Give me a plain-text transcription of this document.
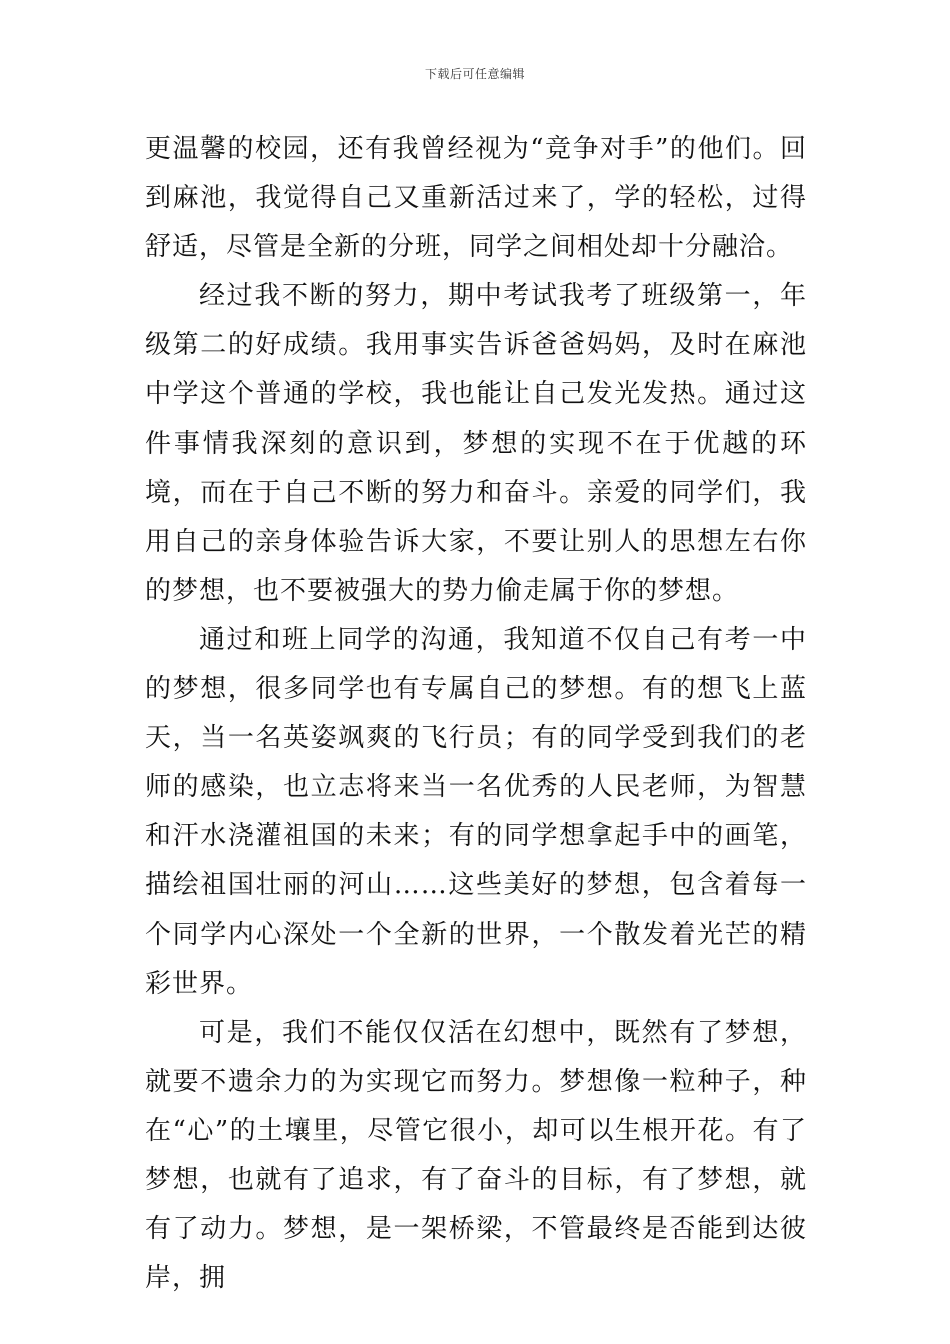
下载后可任意编辑

更温馨的校园，还有我曾经视为“竞争对手”的他们。回到麻池，我觉得自己又重新活过来了，学的轻松，过得舒适，尽管是全新的分班，同学之间相处却十分融洽。

经过我不断的努力，期中考试我考了班级第一，年级第二的好成绩。我用事实告诉爸爸妈妈，及时在麻池中学这个普通的学校，我也能让自己发光发热。通过这件事情我深刻的意识到，梦想的实现不在于优越的环境，而在于自己不断的努力和奋斗。亲爱的同学们，我用自己的亲身体验告诉大家，不要让别人的思想左右你的梦想，也不要被强大的势力偷走属于你的梦想。

通过和班上同学的沟通，我知道不仅自己有考一中的梦想，很多同学也有专属自己的梦想。有的想飞上蓝天，当一名英姿飒爽的飞行员；有的同学受到我们的老师的感染，也立志将来当一名优秀的人民老师，为智慧和汗水浇灌祖国的未来；有的同学想拿起手中的画笔，描绘祖国壮丽的河山……这些美好的梦想，包含着每一个同学内心深处一个全新的世界，一个散发着光芒的精彩世界。

可是，我们不能仅仅活在幻想中，既然有了梦想，就要不遗余力的为实现它而努力。梦想像一粒种子，种在“心”的土壤里，尽管它很小，却可以生根开花。有了梦想，也就有了追求，有了奋斗的目标，有了梦想，就有了动力。梦想，是一架桥梁，不管最终是否能到达彼岸，拥
